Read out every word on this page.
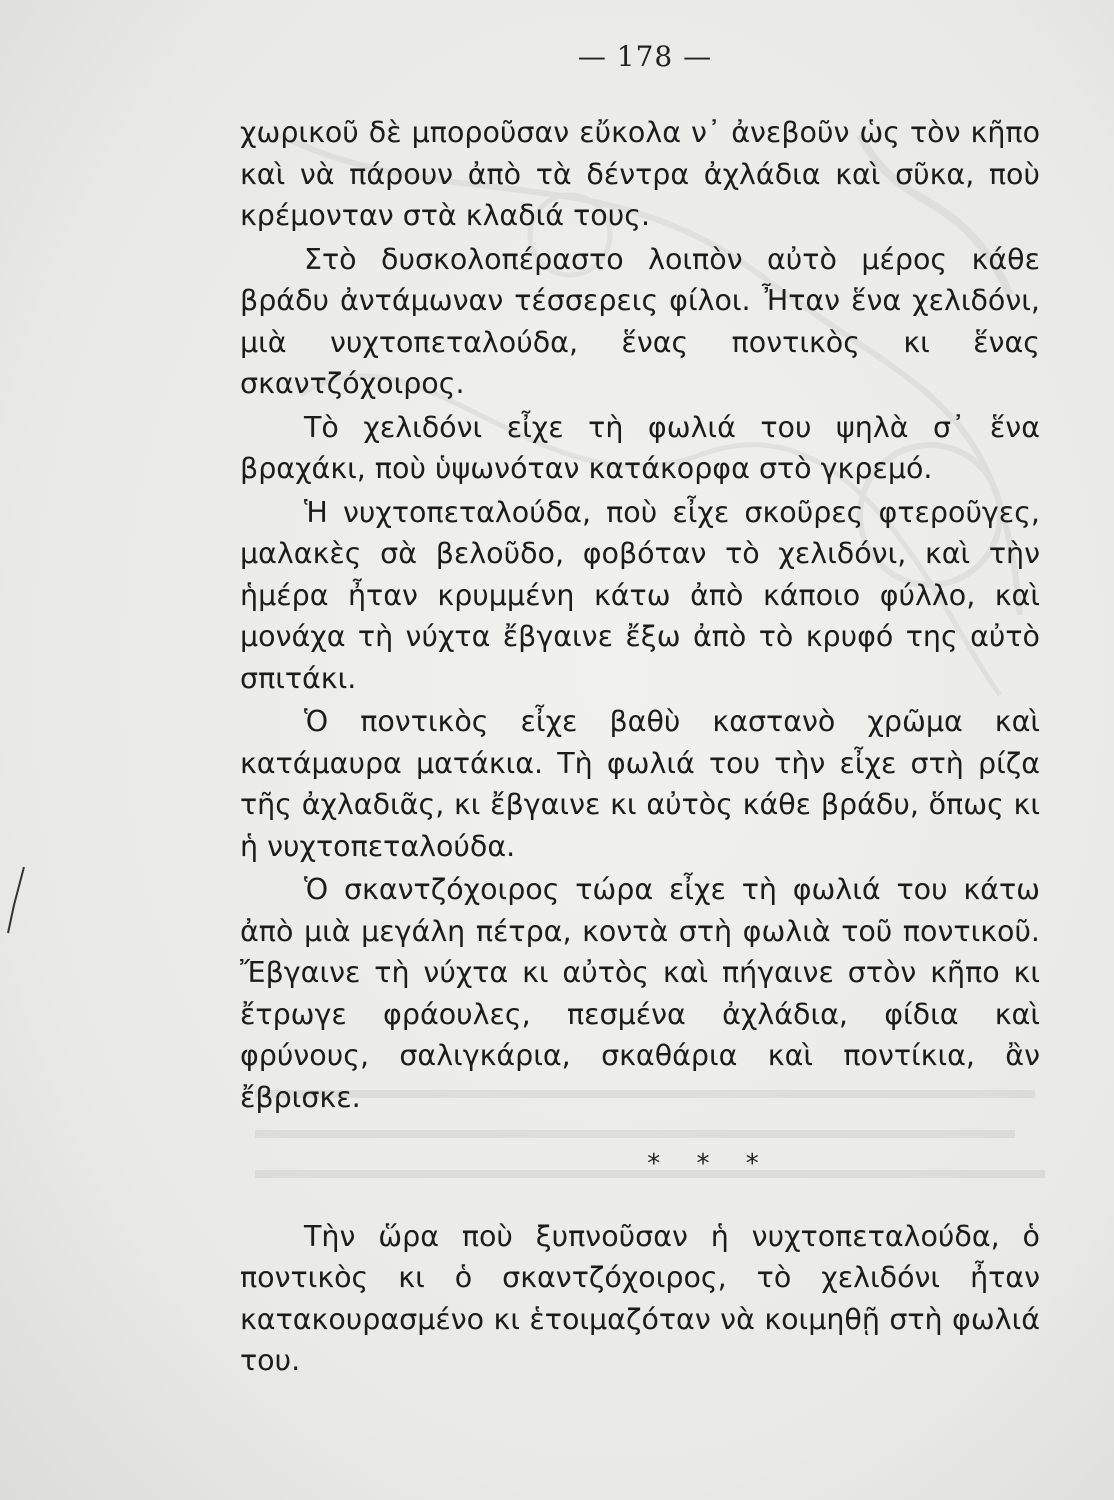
— 178 —

χωρικοῦ δὲ μποροῦσαν εὔκολα ν᾽ ἀνεβοῦν ὡς τὸν κῆπο καὶ νὰ πάρουν ἀπὸ τὰ δέντρα ἀχλάδια καὶ σῦκα, ποὺ κρέμονταν στὰ κλαδιά τους.

Στὸ δυσκολοπέραστο λοιπὸν αὐτὸ μέρος κάθε βράδυ ἀντάμωναν τέσσερεις φίλοι. Ἦταν ἕνα χελιδόνι, μιὰ νυχτοπεταλούδα, ἕνας ποντικὸς κι ἕνας σκαντζόχοιρος.

Τὸ χελιδόνι εἶχε τὴ φωλιά του ψηλὰ σ᾽ ἕνα βραχάκι, ποὺ ὑψωνόταν κατάκορφα στὸ γκρεμό.

Ἡ νυχτοπεταλούδα, ποὺ εἶχε σκοῦρες φτεροῦγες, μαλακὲς σὰ βελοῦδο, φοβόταν τὸ χελιδόνι, καὶ τὴν ἡμέρα ἦταν κρυμμένη κάτω ἀπὸ κάποιο φύλλο, καὶ μονάχα τὴ νύχτα ἔβγαινε ἔξω ἀπὸ τὸ κρυφό της αὐτὸ σπιτάκι.

Ὁ ποντικὸς εἶχε βαθὺ καστανὸ χρῶμα καὶ κατάμαυρα ματάκια. Τὴ φωλιά του τὴν εἶχε στὴ ρίζα τῆς ἀχλαδιᾶς, κι ἔβγαινε κι αὐτὸς κάθε βράδυ, ὅπως κι ἡ νυχτοπεταλούδα.

Ὁ σκαντζόχοιρος τώρα εἶχε τὴ φωλιά του κάτω ἀπὸ μιὰ μεγάλη πέτρα, κοντὰ στὴ φωλιὰ τοῦ ποντικοῦ. Ἔβγαινε τὴ νύχτα κι αὐτὸς καὶ πήγαινε στὸν κῆπο κι ἔτρωγε φράουλες, πεσμένα ἀχλάδια, φίδια καὶ φρύνους, σαλιγκάρια, σκαθάρια καὶ ποντίκια, ἂν ἔβρισκε.

* * *

Τὴν ὥρα ποὺ ξυπνοῦσαν ἡ νυχτοπεταλούδα, ὁ ποντικὸς κι ὁ σκαντζόχοιρος, τὸ χελιδόνι ἦταν κατακουρασμένο κι ἑτοιμαζόταν νὰ κοιμηθῇ στὴ φωλιά του.
